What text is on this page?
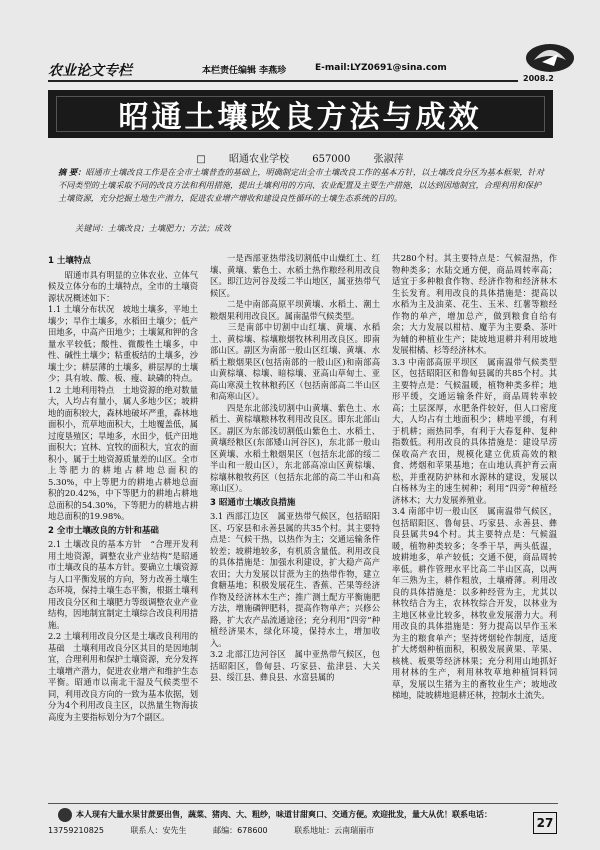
农业论文专栏	本栏责任编辑 李燕珍	E-mail:LYZ0691@sina.com
2008.2
昭通土壤改良方法与成效
□ 昭通农业学校 657000 张淑萍
摘 要：昭通市土壤改良工作是在全市土壤普查的基础上，明确制定出全市土壤改良工作的基本方针，以土壤改良分区为基本框架，针对不同类型的土壤采取不同的改良方法和利用措施，提出土壤利用的方向、农业配置及主要生产措施，以达到因地制宜，合理利用和保护土壤资源，充分挖掘土地生产潜力，促进农业增产增收和建设良性循环的土壤生态系统的目的。
关键词：土壤改良；土壤肥力；方法；成效
1 土壤特点

　　昭通市具有明显的立体农业、立体气候及立体分布的土壤特点，全市的土壤资源状况概述如下：

1.1 土壤分布状况　坡地土壤多，平地土壤少；旱作土壤多，水稻田土壤少；低产田地多，中高产田地少；土壤氮和钾的含量水平较低；酸性、微酸性土壤多，中性、碱性土壤少；粘重板结的土壤多，沙壤土少；耕层薄的土壤多，耕层厚的土壤少；具有坡、酸、板、瘦、缺磷的特点。

1.2 土地利用特点　土地资源的绝对数量大，人均占有量小，属人多地少区；坡耕地的面积较大，森林地破坏严重，森林地面积小，荒草地面积大，土地覆盖低，属过度垦殖区；旱地多，水田少，低产田地面积大；宜林、宜牧的面积大，宜农的面积小，属于土地资源质量差的山区。全市上等肥力的耕地占耕地总面积的5.30%，中上等肥力的耕地占耕地总面积的20.42%，中下等肥力的耕地占耕地总面积的54.30%，下等肥力的耕地占耕地总面积的19.98%。

2 全市土壤改良的方针和基础

2.1 土壤改良的基本方针　“合理开发利用土地资源，调整农业产业结构”是昭通市土壤改良的基本方针。要确立土壤资源与人口平衡发展的方向，努力改善土壤生态环境，保持土壤生态平衡，根据土壤利用改良分区和土壤肥力等级调整农业产业结构，因地制宜制定土壤综合改良利用措施。

2.2 土壤利用改良分区是土壤改良利用的基础　土壤利用改良分区其目的是因地制宜，合理利用和保护土壤资源，充分发挥土壤增产潜力，促进农业增产和维护生态平衡。昭通市以南北干湿及气候类型不同，利用改良方向的一致为基本依据，划分为4个利用改良主区，以热量生物海拔高度为主要指标划分为7个副区。

　　一是西部亚热带浅切割低中山燥红土、红壤、黄壤、紫色土、水稻土热作粮经利用改良区。即江边河谷及绥二半山地区，属亚热带气候区。

　　二是中南部高原平坝黄壤、水稻土、潮土粮烟果利用改良区。属南温带气候类型。

　　三是南部中切割中山红壤、黄壤、水稻土、黄棕壤、棕壤粮烟牧林利用改良区。即南部山区。副区为南部一般山区红壤、黄壤、水稻土粮烟果区(包括南部的一般山区)和南部高山黄棕壤、棕壤、暗棕壤、亚高山草甸土、亚高山寒漠土牧林粮药区（包括南部高二半山区和高寒山区）。

　　四是东北部浅切割中山黄壤、紫色土、水稻土、黄棕壤粮林牧利用改良区。即东北部山区。副区为东部浅切割低山紫色土、水稻土、黄壤经粮区(东部矮山河谷区)，东北部一般山区黄壤、水稻土粮烟果区（包括东北部的绥二半山和一般山区），东北部高凉山区黄棕壤、棕壤林粮牧药区（包括东北部的高二半山和高寒山区）。

3 昭通市土壤改良措施

3.1 西部江边区　属亚热带气候区，包括昭阳区、巧家县和永善县属的共35个村。其主要特点是：气候干热，以热作为主；交通运输条件较差；坡耕地较多，有机质含量低。利用改良的具体措施是：加强水利建设，扩大稳产高产农田；大力发展以甘蔗为主的热带作物，建立食糖基地；积极发展花生、香蕉、芒果等经济作物及经济林木生产；推广测土配方平衡施肥方法，增施磷钾肥料，提高作物单产；兴修公路，扩大农产品流通途径；充分利用“四旁”种植经济果木，绿化环境，保持水土，增加收入。

3.2 北部江边河谷区　属中亚热带气候区，包括昭阳区，鲁甸县、巧家县、盐津县、大关县、绥江县、彝良县、水富县属的

共280个村。其主要特点是：气候湿热，作物种类多；水陆交通方便，商品周转率高；适宜于多种粮食作物、经济作物和经济林木生长发育。利用改良的具体措施是：提高以水稻为主及油菜、花生、玉米、红薯等粮经作物的单产，增加总产，做到粮食自给有余；大力发展以柑桔、魔芋为主要桑、茶叶为辅的种植业生产；陡坡地退耕并利用坡地发展柑橘、杉等经济林木。

3.3 中南部高原平坝区　属南温带气候类型区，包括昭阳区和鲁甸县属的共85个村。其主要特点是：气候温暖，植物种类多样；地形平缓，交通运输条件好，商品周转率较高；土层深厚，水肥条件较好，但人口密度大，人均占有土地面积少；耕地平缓，有利于机耕；雨热同季，有利于大春复种、复种指数低。利用改良的具体措施是：建设早涝保收高产农田，规模化建立优质高效的粮食、烤烟和苹果基地；在山地认真护育云南松，并重视防护林和水源林的建设，发展以白杨林为主的速生树种；利用“四旁”种植经济林木；大力发展养殖业。

3.4 南部中切一般山区　属南温带气候区，包括昭阳区、鲁甸县、巧家县、永善县、彝良县属共94个村。其主要特点是：气候温暖，植物种类较多；冬季干旱，两头低温，坡耕地多，单产较低；交通不便，商品周转率低。耕作管理水平比高二半山区高，以两年三熟为主，耕作粗放，土壤瘠薄。利用改良的具体措施是：以多种经营为主，尤其以林牧结合为主，农林牧综合开发，以林业为主地区林业比较多，林牧业发展潜力大。利用改良的具体措施是：努力提高以早作玉米为主的粮食单产；坚持烤烟轮作制度，适度扩大烤烟种植面积，积极发展黄果、苹果、核桃、板栗等经济林果；充分利用山地抓好用材林的生产，利用林牧草地种植饲料饲草，发展以生猪为主的畜牧业生产；坡地改梯地，陡坡耕地退耕还林，控制水土流失。

本人现有大量水果甘蔗要出售，蔬菜、猪肉、大、粗纱，味道甘甜爽口、交通方便。欢迎批发，量大从优！联系电话：
13759210825	联系人：安先生	邮编：678600	联系地址：云南瑞丽市
27
